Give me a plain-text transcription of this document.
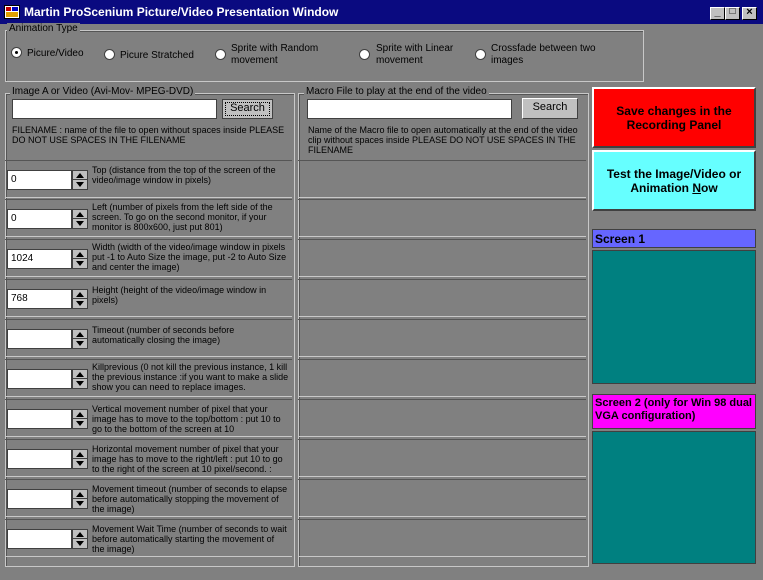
Martin ProScenium Picture/Video Presentation Window	_ □ ×
Animation Type
Picure/Video	Picure Stratched
Sprite with Random movement
Sprite with Linear movement
Crossfade between two images
Image A or Video (Avi-Mov- MPEG-DVD)
Search
FILENAME : name of the file to open without spaces inside PLEASE DO NOT USE SPACES IN THE FILENAME
0
Top (distance from the top of the screen of the video/image window in pixels)
0
Left (number of pixels from the left side of the screen. To go on the second monitor, if your monitor is 800x600, just put 801)
1024
Width (width of the video/image window in pixels put -1 to Auto Size the image, put -2 to Auto Size and center the image)
768
Height (height of the video/image window in pixels)
Timeout (number of seconds before automatically closing the image)
Killprevious (0 not kill the previous instance, 1 kill the previous instance :if you want to make a slide show you can need to replace images.
Vertical movement number of pixel that your image has to move to the top/bottom : put 10 to go to the bottom of the screen at 10
Horizontal movement number of pixel that your image has to move to the right/left : put 10 to go to the right of the screen at 10 pixel/second. :
Movement timeout (number of seconds to elapse before automatically stopping the movement of the image)
Movement Wait Time (number of seconds to wait before automatically starting the movement of the image)
Macro File to play at the end of the video
Search
Name of the Macro file to open automatically at the end of the video clip without spaces inside PLEASE DO NOT USE SPACES IN THE FILENAME
Save changes in the Recording Panel
Test the Image/Video or
Animation Now
Screen 1
Screen 2 (only for Win 98 dual VGA configuration)
